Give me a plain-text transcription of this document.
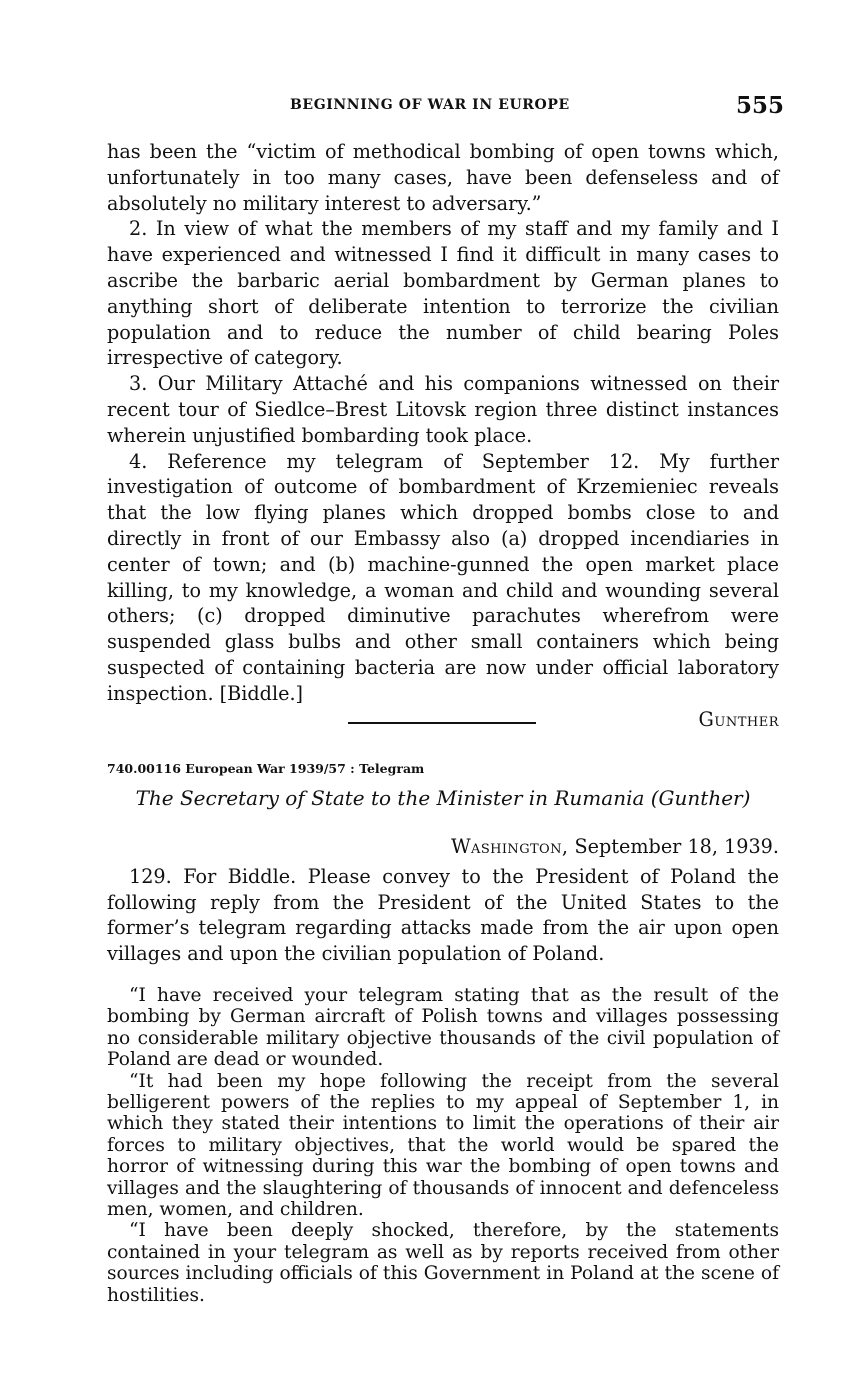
BEGINNING OF WAR IN EUROPE	555

has been the “victim of methodical bombing of open towns which, unfortunately in too many cases, have been defenseless and of absolutely no military interest to adversary.”

2. In view of what the members of my staff and my family and I have experienced and witnessed I find it difficult in many cases to ascribe the barbaric aerial bombardment by German planes to anything short of deliberate intention to terrorize the civilian population and to reduce the number of child bearing Poles irrespective of category.

3. Our Military Attaché and his companions witnessed on their recent tour of Siedlce–Brest Litovsk region three distinct instances wherein unjustified bombarding took place.

4. Reference my telegram of September 12. My further investigation of outcome of bombardment of Krzemieniec reveals that the low flying planes which dropped bombs close to and directly in front of our Embassy also (a) dropped incendiaries in center of town; and (b) machine-gunned the open market place killing, to my knowledge, a woman and child and wounding several others; (c) dropped diminutive parachutes wherefrom were suspended glass bulbs and other small containers which being suspected of containing bacteria are now under official laboratory inspection. [Biddle.]

Gunther

740.00116 European War 1939/57 : Telegram
The Secretary of State to the Minister in Rumania (Gunther)

Washington, September 18, 1939.

129. For Biddle. Please convey to the President of Poland the following reply from the President of the United States to the former’s telegram regarding attacks made from the air upon open villages and upon the civilian population of Poland.

“I have received your telegram stating that as the result of the bombing by German aircraft of Polish towns and villages possessing no considerable military objective thousands of the civil population of Poland are dead or wounded.

“It had been my hope following the receipt from the several belligerent powers of the replies to my appeal of September 1, in which they stated their intentions to limit the operations of their air forces to military objectives, that the world would be spared the horror of witnessing during this war the bombing of open towns and villages and the slaughtering of thousands of innocent and defenceless men, women, and children.

“I have been deeply shocked, therefore, by the statements contained in your telegram as well as by reports received from other sources including officials of this Government in Poland at the scene of hostilities.
